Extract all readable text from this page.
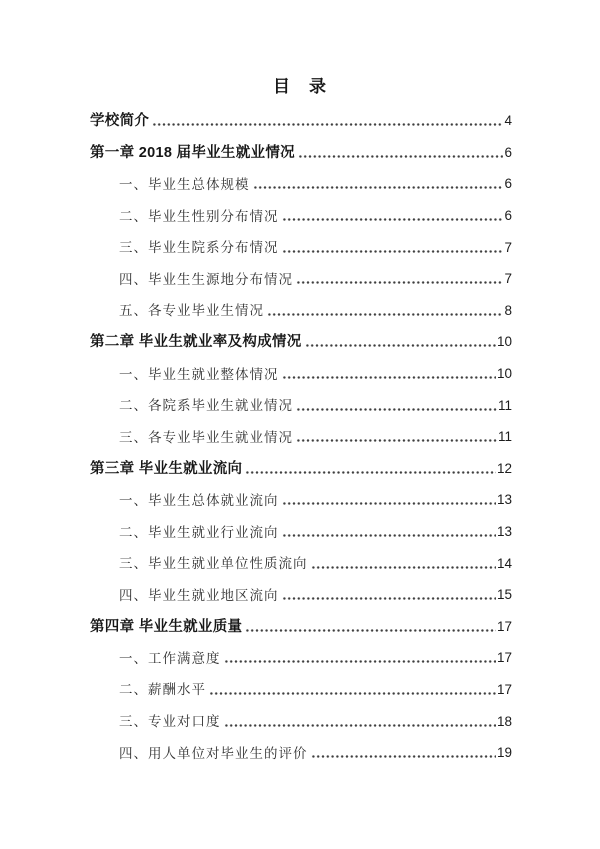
目　录
学校简介	4
第一章 2018 届毕业生就业情况	6
一、毕业生总体规模	6
二、毕业生性别分布情况	6
三、毕业生院系分布情况	7
四、毕业生生源地分布情况	7
五、各专业毕业生情况	8
第二章 毕业生就业率及构成情况	10
一、毕业生就业整体情况	10
二、各院系毕业生就业情况	11
三、各专业毕业生就业情况	11
第三章 毕业生就业流向	12
一、毕业生总体就业流向	13
二、毕业生就业行业流向	13
三、毕业生就业单位性质流向	14
四、毕业生就业地区流向	15
第四章 毕业生就业质量	17
一、工作满意度	17
二、薪酬水平	17
三、专业对口度	18
四、用人单位对毕业生的评价	19
